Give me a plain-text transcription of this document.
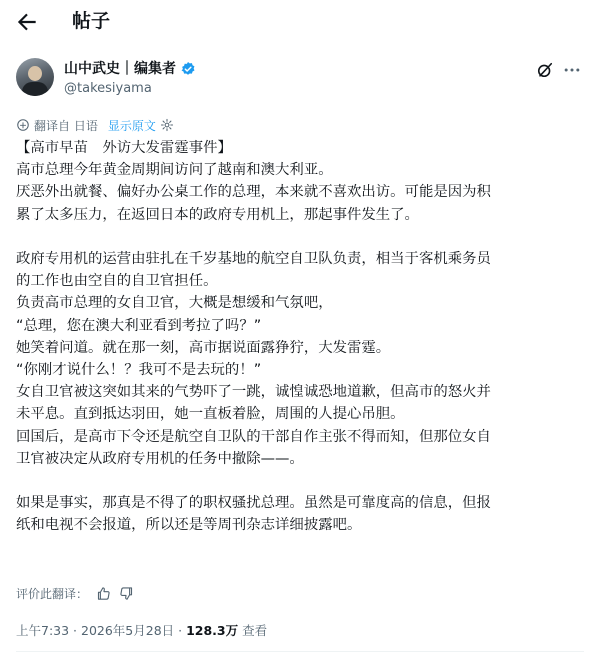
帖子
山中武史｜编集者
@takesiyama
翻译自 日语 显示原文

【高市早苗　外访大发雷霆事件】

高市总理今年黄金周期间访问了越南和澳大利亚。

厌恶外出就餐、偏好办公桌工作的总理，本来就不喜欢出访。可能是因为积

累了太多压力，在返回日本的政府专用机上，那起事件发生了。

政府专用机的运营由驻扎在千岁基地的航空自卫队负责，相当于客机乘务员

的工作也由空自的自卫官担任。

负责高市总理的女自卫官，大概是想缓和气氛吧，

“总理，您在澳大利亚看到考拉了吗？”

她笑着问道。就在那一刻，高市据说面露狰狞，大发雷霆。

“你刚才说什么！？我可不是去玩的！”

女自卫官被这突如其来的气势吓了一跳，诚惶诚恐地道歉，但高市的怒火并

未平息。直到抵达羽田，她一直板着脸，周围的人提心吊胆。

回国后，是高市下令还是航空自卫队的干部自作主张不得而知，但那位女自

卫官被决定从政府专用机的任务中撤除——。

如果是事实，那真是不得了的职权骚扰总理。虽然是可靠度高的信息，但报

纸和电视不会报道，所以还是等周刊杂志详细披露吧。

评价此翻译：
上午7:33 · 2026年5月28日 · 128.3万 查看
